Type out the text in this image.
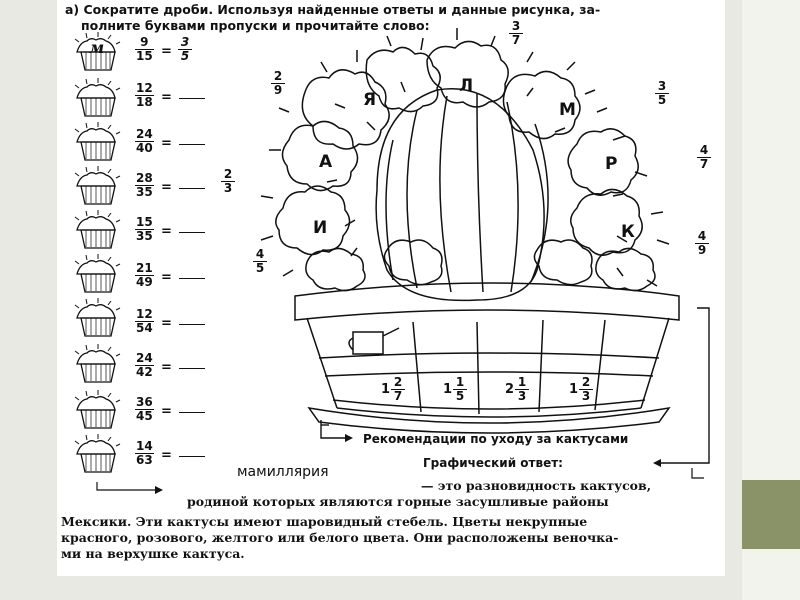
а) Сократите дроби. Используя найденные ответы и данные рисунка, за-
полните буквами пропуски и прочитайте слово:
м	9
15 =
3
5
12
18 =
24
40 =
28
35 =
15
35 =
21
49 =
12
54 =
24
42 =
36
45 =
14
63 =
Я
Л
М
А	Р
И	К
3
7
2
9	3
5
2
3
4
7
4
5
4
9
$1 \frac{2}{7}$	$1 \frac{1}{5}$	$2 \frac{1}{3}$	$1 \frac{2}{3}$
Рекомендации по уходу за кактусами
Графический ответ:
мамиллярия
— это разновидность кактусов,
родиной которых являются горные засушливые районы
Мексики. Эти кактусы имеют шаровидный стебель. Цветы некрупные
красного, розового, желтого или белого цвета. Они расположены веночка-
ми на верхушке кактуса.
